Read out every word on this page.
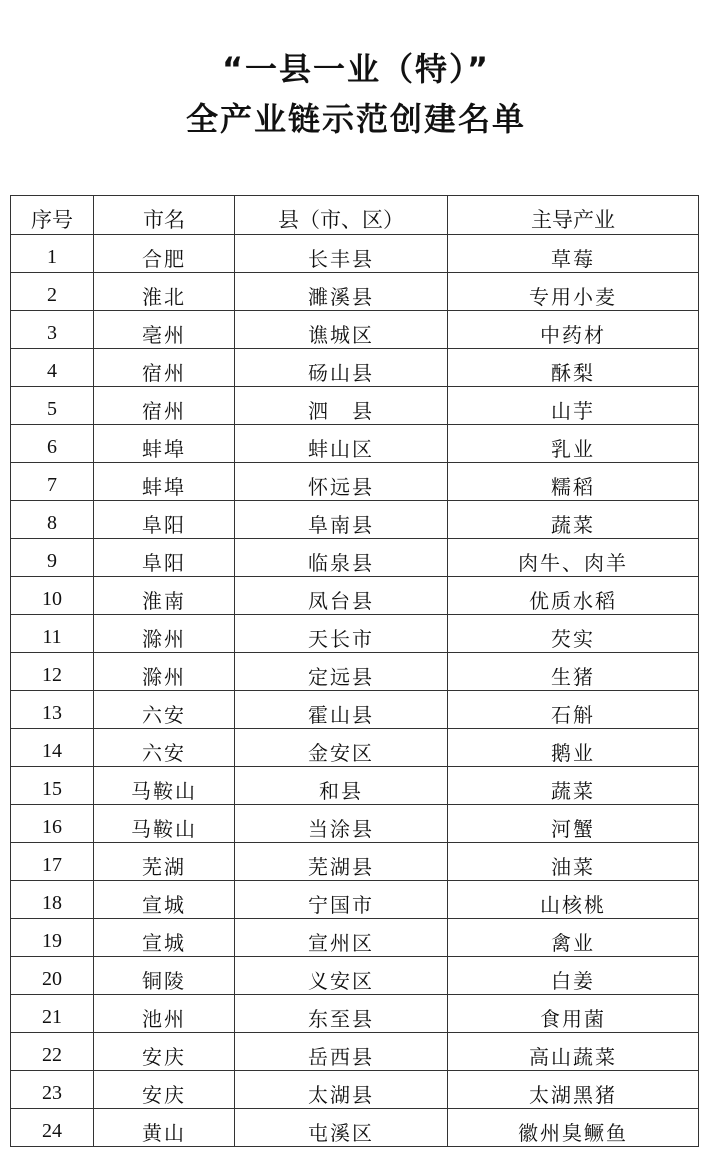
“一县一业（特）”
全产业链示范创建名单
序号	市名	县（市、区）	主导产业
1	合肥	长丰县	草莓
2	淮北	濉溪县	专用小麦
3	亳州	谯城区	中药材
4	宿州	砀山县	酥梨
5	宿州	泗　县	山芋
6	蚌埠	蚌山区	乳业
7	蚌埠	怀远县	糯稻
8	阜阳	阜南县	蔬菜
9	阜阳	临泉县	肉牛、肉羊
10	淮南	凤台县	优质水稻
11	滁州	天长市	芡实
12	滁州	定远县	生猪
13	六安	霍山县	石斛
14	六安	金安区	鹅业
15	马鞍山	和县	蔬菜
16	马鞍山	当涂县	河蟹
17	芜湖	芜湖县	油菜
18	宣城	宁国市	山核桃
19	宣城	宣州区	禽业
20	铜陵	义安区	白姜
21	池州	东至县	食用菌
22	安庆	岳西县	高山蔬菜
23	安庆	太湖县	太湖黑猪
24	黄山	屯溪区	徽州臭鳜鱼
